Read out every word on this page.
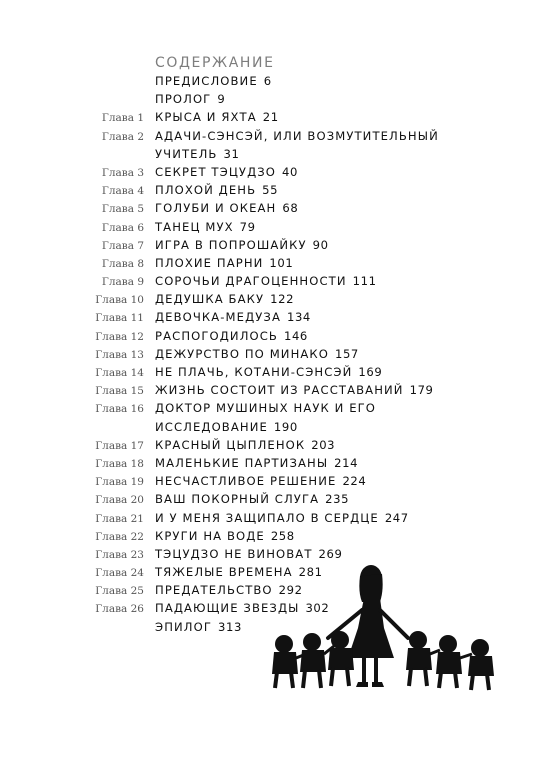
СОДЕРЖАНИЕ
ПРЕДИСЛОВИЕ 6
ПРОЛОГ 9
Глава 1 КРЫСА И ЯХТА 21
Глава 2 АДАЧИ-СЭНСЭЙ, ИЛИ ВОЗМУТИТЕЛЬНЫЙ
УЧИТЕЛЬ 31
Глава 3 СЕКРЕТ ТЭЦУДЗО 40
Глава 4 ПЛОХОЙ ДЕНЬ 55
Глава 5 ГОЛУБИ И ОКЕАН 68
Глава 6 ТАНЕЦ МУХ 79
Глава 7 ИГРА В ПОПРОШАЙКУ 90
Глава 8 ПЛОХИЕ ПАРНИ 101
Глава 9 СОРОЧЬИ ДРАГОЦЕННОСТИ 111
Глава 10 ДЕДУШКА БАКУ 122
Глава 11 ДЕВОЧКА-МЕДУЗА 134
Глава 12 РАСПОГОДИЛОСЬ 146
Глава 13 ДЕЖУРСТВО ПО МИНАКО 157
Глава 14 НЕ ПЛАЧЬ, КОТАНИ-СЭНСЭЙ 169
Глава 15 ЖИЗНЬ СОСТОИТ ИЗ РАССТАВАНИЙ 179
Глава 16 ДОКТОР МУШИНЫХ НАУК И ЕГО
ИССЛЕДОВАНИЕ 190
Глава 17 КРАСНЫЙ ЦЫПЛЕНОК 203
Глава 18 МАЛЕНЬКИЕ ПАРТИЗАНЫ 214
Глава 19 НЕСЧАСТЛИВОЕ РЕШЕНИЕ 224
Глава 20 ВАШ ПОКОРНЫЙ СЛУГА 235
Глава 21 И У МЕНЯ ЗАЩИПАЛО В СЕРДЦЕ 247
Глава 22 КРУГИ НА ВОДЕ 258
Глава 23 ТЭЦУДЗО НЕ ВИНОВАТ 269
Глава 24 ТЯЖЕЛЫЕ ВРЕМЕНА 281
Глава 25 ПРЕДАТЕЛЬСТВО 292
Глава 26 ПАДАЮЩИЕ ЗВЕЗДЫ 302
ЭПИЛОГ 313
